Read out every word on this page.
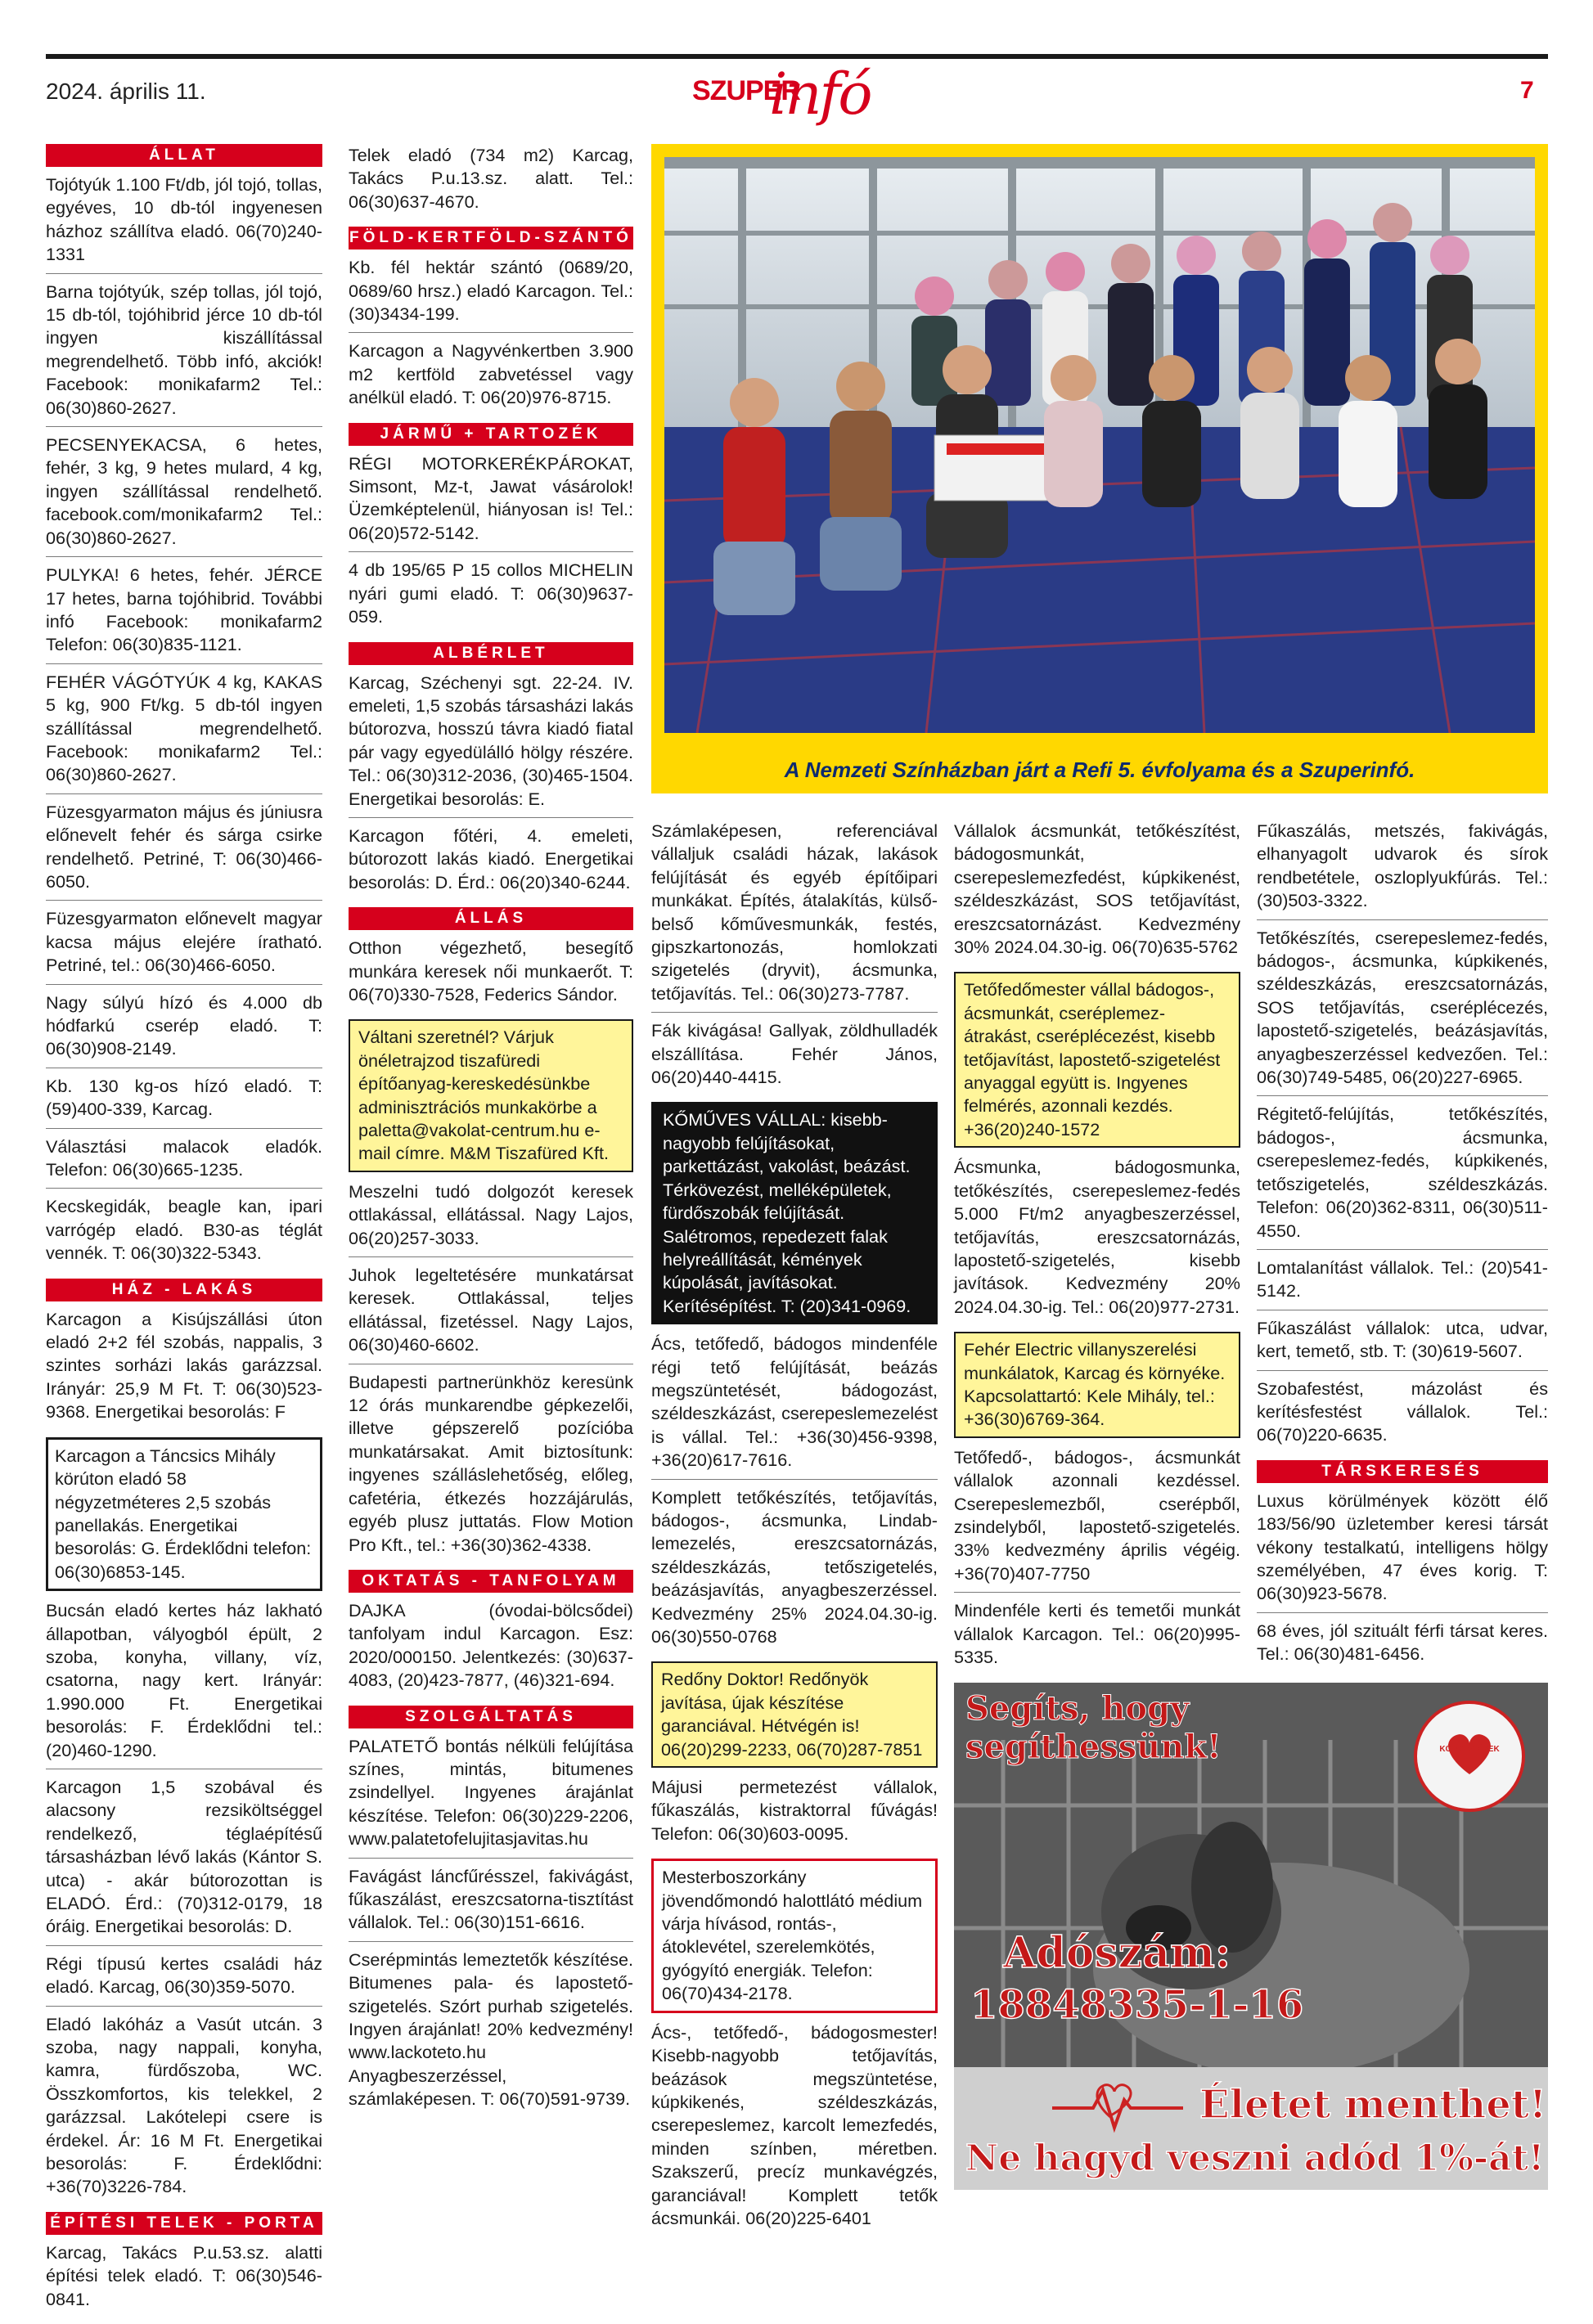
2024. április 11.	SZUPER
infó	7
ÁLLAT
Tojótyúk 1.100 Ft/db, jól tojó, tollas, egyéves, 10 db-tól ingyenesen házhoz szállítva eladó. 06(70)240-1331
Barna tojótyúk, szép tollas, jól tojó, 15 db-tól, tojóhibrid jérce 10 db-tól ingyen kiszállítással megrendelhető. Több infó, akciók! Facebook: monikafarm2 Tel.: 06(30)860-2627.
PECSENYEKACSA, 6 hetes, fehér, 3 kg, 9 hetes mulard, 4 kg, ingyen szállítással rendelhető. facebook.com/monikafarm2 Tel.: 06(30)860-2627.
PULYKA! 6 hetes, fehér. JÉRCE 17 hetes, barna tojóhibrid. További infó Facebook: monikafarm2 Telefon: 06(30)835-1121.
FEHÉR VÁGÓTYÚK 4 kg, KAKAS 5 kg, 900 Ft/kg. 5 db-tól ingyen szállítással megrendelhető. Facebook: monikafarm2 Tel.: 06(30)860-2627.
Füzesgyarmaton május és júniusra előnevelt fehér és sárga csirke rendelhető. Petriné, T: 06(30)466-6050.
Füzesgyarmaton előnevelt magyar kacsa május elejére íratható. Petriné, tel.: 06(30)466-6050.
Nagy súlyú hízó és 4.000 db hódfarkú cserép eladó. T: 06(30)908-2149.
Kb. 130 kg-os hízó eladó. T: (59)400-339, Karcag.
Választási malacok eladók. Telefon: 06(30)665-1235.
Kecskegidák, beagle kan, ipari varrógép eladó. B30-as téglát vennék. T: 06(30)322-5343.
HÁZ - LAKÁS
Karcagon a Kisújszállási úton eladó 2+2 fél szobás, nappalis, 3 szintes sorházi lakás garázzsal. Irányár: 25,9 M Ft. T: 06(30)523-9368. Energetikai besorolás: F
Karcagon a Táncsics Mihály körúton eladó 58 négyzetméteres 2,5 szobás panellakás. Energetikai besorolás: G. Érdeklődni telefon: 06(30)6853-145.
Bucsán eladó kertes ház lakható állapotban, vályogból épült, 2 szoba, konyha, villany, víz, csatorna, nagy kert. Irányár: 1.990.000 Ft. Energetikai besorolás: F. Érdeklődni tel.: (20)460-1290.
Karcagon 1,5 szobával és alacsony rezsiköltséggel rendelkező, téglaépítésű társasházban lévő lakás (Kántor S. utca) - akár bútorozottan is ELADÓ. Érd.: (70)312-0179, 18 óráig. Energetikai besorolás: D.
Régi típusú kertes családi ház eladó. Karcag, 06(30)359-5070.
Eladó lakóház a Vasút utcán. 3 szoba, nagy nappali, konyha, kamra, fürdőszoba, WC. Összkomfortos, kis telekkel, 2 garázzsal. Lakótelepi csere is érdekel. Ár: 16 M Ft. Energetikai besorolás: F. Érdeklődni: +36(70)3226-784.
ÉPÍTÉSI TELEK - PORTA
Karcag, Takács P.u.53.sz. alatti építési telek eladó. T: 06(30)546-0841.
Telek eladó (734 m2) Karcag, Takács P.u.13.sz. alatt. Tel.: 06(30)637-4670.
FÖLD-KERTFÖLD-SZÁNTÓ
Kb. fél hektár szántó (0689/20, 0689/60 hrsz.) eladó Karcagon. Tel.: (30)3434-199.
Karcagon a Nagyvénkertben 3.900 m2 kertföld zabvetéssel vagy anélkül eladó. T: 06(20)976-8715.
JÁRMŰ + TARTOZÉK
RÉGI MOTORKERÉKPÁROKAT, Simsont, Mz-t, Jawat vásárolok! Üzemképtelenül, hiányosan is! Tel.: 06(20)572-5142.
4 db 195/65 P 15 collos MICHELIN nyári gumi eladó. T: 06(30)9637-059.
ALBÉRLET
Karcag, Széchenyi sgt. 22-24. IV. emeleti, 1,5 szobás társasházi lakás bútorozva, hosszú távra kiadó fiatal pár vagy egyedülálló hölgy részére. Tel.: 06(30)312-2036, (30)465-1504. Energetikai besorolás: E.
Karcagon főtéri, 4. emeleti, bútorozott lakás kiadó. Energetikai besorolás: D. Érd.: 06(20)340-6244.
ÁLLÁS
Otthon végezhető, besegítő munkára keresek női munkaerőt. T: 06(70)330-7528, Federics Sándor.
Váltani szeretnél? Várjuk önéletrajzod tiszafüredi építőanyag-kereskedésünkbe adminisztrációs munkakörbe a paletta@vakolat-centrum.hu e-mail címre. M&M Tiszafüred Kft.
Meszelni tudó dolgozót keresek ottlakással, ellátással. Nagy Lajos, 06(20)257-3033.
Juhok legeltetésére munkatársat keresek. Ottlakással, teljes ellátással, fizetéssel. Nagy Lajos, 06(30)460-6602.
Budapesti partnerünkhöz keresünk 12 órás munkarendbe gépkezelői, illetve gépszerelő pozícióba munkatársakat. Amit biztosítunk: ingyenes szálláslehetőség, előleg, cafetéria, étkezés hozzájárulás, egyéb plusz juttatás. Flow Motion Pro Kft., tel.: +36(30)362-4338.
OKTATÁS - TANFOLYAM
DAJKA (óvodai-bölcsődei) tanfolyam indul Karcagon. Esz: 2020/000150. Jelentkezés: (30)637-4083, (20)423-7877, (46)321-694.
SZOLGÁLTATÁS
PALATETŐ bontás nélküli felújítása színes, mintás, bitumenes zsindellyel. Ingyenes árajánlat készítése. Telefon: 06(30)229-2206, www.palatetofelujitasjavitas.hu
Favágást láncfűrésszel, fakivágást, fűkaszálást, ereszcsatorna-tisztítást vállalok. Tel.: 06(30)151-6616.
Cserépmintás lemeztetők készítése. Bitumenes pala- és lapostető-szigetelés. Szórt purhab szigetelés. Ingyen árajánlat! 20% kedvezmény! www.lackoteto.hu Anyagbeszerzéssel, számlaképesen. T: 06(70)591-9739.
A Nemzeti Színházban járt a Refi 5. évfolyama és a Szuperinfó.
Számlaképesen, referenciával vállaljuk családi házak, lakások felújítását és egyéb építőipari munkákat. Építés, átalakítás, külső-belső kőművesmunkák, festés, gipszkartonozás, homlokzati szigetelés (dryvit), ácsmunka, tetőjavítás. Tel.: 06(30)273-7787.
Fák kivágása! Gallyak, zöldhulladék elszállítása. Fehér János, 06(20)440-4415.
KŐMŰVES VÁLLAL: kisebb-nagyobb felújításokat, parkettázást, vakolást, beázást. Térkövezést, melléképületek, fürdőszobák felújítását. Salétromos, repedezett falak helyreállítását, kémények kúpolását, javításokat. Kerítésépítést. T: (20)341-0969.
Ács, tetőfedő, bádogos mindenféle régi tető felújítását, beázás megszüntetését, bádogozást, széldeszkázást, cserepeslemezelést is vállal. Tel.: +36(30)456-9398, +36(20)617-7616.
Komplett tetőkészítés, tetőjavítás, bádogos-, ácsmunka, Lindab-lemezelés, ereszcsatornázás, széldeszkázás, tetőszigetelés, beázásjavítás, anyagbeszerzéssel. Kedvezmény 25% 2024.04.30-ig. 06(30)550-0768
Redőny Doktor! Redőnyök javítása, újak készítése garanciával. Hétvégén is! 06(20)299-2233, 06(70)287-7851
Májusi permetezést vállalok, fűkaszálás, kistraktorral fűvágás! Telefon: 06(30)603-0095.
Mesterboszorkány jövendőmondó halottlátó médium várja hívásod, rontás-, átoklevétel, szerelemkötés, gyógyító energiák. Telefon: 06(70)434-2178.
Ács-, tetőfedő-, bádogosmester! Kisebb-nagyobb tetőjavítás, beázások megszüntetése, kúpkikenés, széldeszkázás, cserepeslemez, karcolt lemezfedés, minden színben, méretben. Szakszerű, precíz munkavégzés, garanciával! Komplett tetők ácsmunkái. 06(20)225-6401
Vállalok ácsmunkát, tetőkészítést, bádogosmunkát, cserepeslemezfedést, kúpkikenést, széldeszkázást, SOS tetőjavítást, ereszcsatornázást. Kedvezmény 30% 2024.04.30-ig. 06(70)635-5762
Tetőfedőmester vállal bádogos-, ácsmunkát, cseréplemez-átrakást, cseréplécezést, kisebb tetőjavítást, lapostető-szigetelést anyaggal együtt is. Ingyenes felmérés, azonnali kezdés. +36(20)240-1572
Ácsmunka, bádogosmunka, tetőkészítés, cserepeslemez-fedés 5.000 Ft/m2 anyagbeszerzéssel, tetőjavítás, ereszcsatornázás, lapostető-szigetelés, kisebb javítások. Kedvezmény 20% 2024.04.30-ig. Tel.: 06(20)977-2731.
Fehér Electric villanyszerelési munkálatok, Karcag és környéke. Kapcsolattartó: Kele Mihály, tel.: +36(30)6769-364.
Tetőfedő-, bádogos-, ácsmunkát vállalok azonnali kezdéssel. Cserepeslemezből, cserépből, zsindelyből, lapostető-szigetelés. 33% kedvezmény április végéig. +36(70)407-7750
Mindenféle kerti és temetői munkát vállalok Karcagon. Tel.: 06(20)995-5335.
Fűkaszálás, metszés, fakivágás, elhanyagolt udvarok és sírok rendbetétele, oszloplyukfúrás. Tel.: (30)503-3322.
Tetőkészítés, cserepeslemez-fedés, bádogos-, ácsmunka, kúpkikenés, széldeszkázás, ereszcsatornázás, SOS tetőjavítás, cseréplécezés, lapostető-szigetelés, beázásjavítás, anyagbeszerzéssel kedvezően. Tel.: 06(30)749-5485, 06(20)227-6965.
Régitető-felújítás, tetőkészítés, bádogos-, ácsmunka, cserepeslemez-fedés, kúpkikenés, tetőszigetelés, széldeszkázás. Telefon: 06(20)362-8311, 06(30)511-4550.
Lomtalanítást vállalok. Tel.: (20)541-5142.
Fűkaszálást vállalok: utca, udvar, kert, temető, stb. T: (30)619-5607.
Szobafestést, mázolást és kerítésfestést vállalok. Tel.: 06(70)220-6635.
TÁRSKERESÉS
Luxus körülmények között élő 183/56/90 üzletember keresi társát vékony testalkatú, intelligens hölgy személyében, 47 éves korig. T: 06(30)923-5678.
68 éves, jól szituált férfi társat keres. Tel.: 06(30)481-6456.
Segíts, hogy segíthessünk!	KÓBORSZÍVEK
Adószám:
18848335-1-16
Életet menthet!
Ne hagyd veszni adód 1%-át!
